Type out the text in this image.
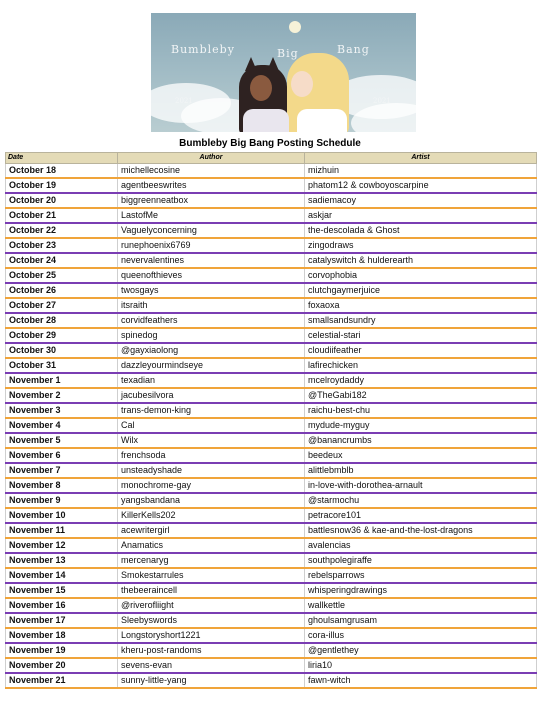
Bumbleby	Big	Bang
2021	2021
Bumbleby Big Bang Posting Schedule
Date	Author	Artist
October 18	michellecosine	mizhuin
October 19	agentbeeswrites	phatom12 & cowboyoscarpine
October 20	biggreenneatbox	sadiemacoy
October 21	LastofMe	askjar
October 22	Vaguelyconcerning	the-descolada & Ghost
October 23	runephoenix6769	zingodraws
October 24	nevervalentines	catalyswitch & hulderearth
October 25	queenofthieves	corvophobia
October 26	twosgays	clutchgaymerjuice
October 27	itsraith	foxaoxa
October 28	corvidfeathers	smallsandsundry
October 29	spinedog	celestial-stari
October 30	@gayxiaolong	cloudiifeather
October 31	dazzleyourmindseye	lafirechicken
November 1	texadian	mcelroydaddy
November 2	jacubesilvora	@TheGabi182
November 3	trans-demon-king	raichu-best-chu
November 4	Cal	mydude-myguy
November 5	Wilx	@banancrumbs
November 6	frenchsoda	beedeux
November 7	unsteadyshade	alittlebmblb
November 8	monochrome-gay	in-love-with-dorothea-arnault
November 9	yangsbandana	@starmochu
November 10	KillerKells202	petracore101
November 11	acewritergirl	battlesnow36 & kae-and-the-lost-dragons
November 12	Anamatics	avalencias
November 13	mercenaryg	southpolegiraffe
November 14	Smokestarrules	rebelsparrows
November 15	thebeeraincell	whisperingdrawings
November 16	@riverofliight	wallkettle
November 17	Sleebyswords	ghoulsamgrusam
November 18	Longstoryshort1221	cora-illus
November 19	kheru-post-randoms	@gentlethey
November 20	sevens-evan	liria10
November 21	sunny-little-yang	fawn-witch
